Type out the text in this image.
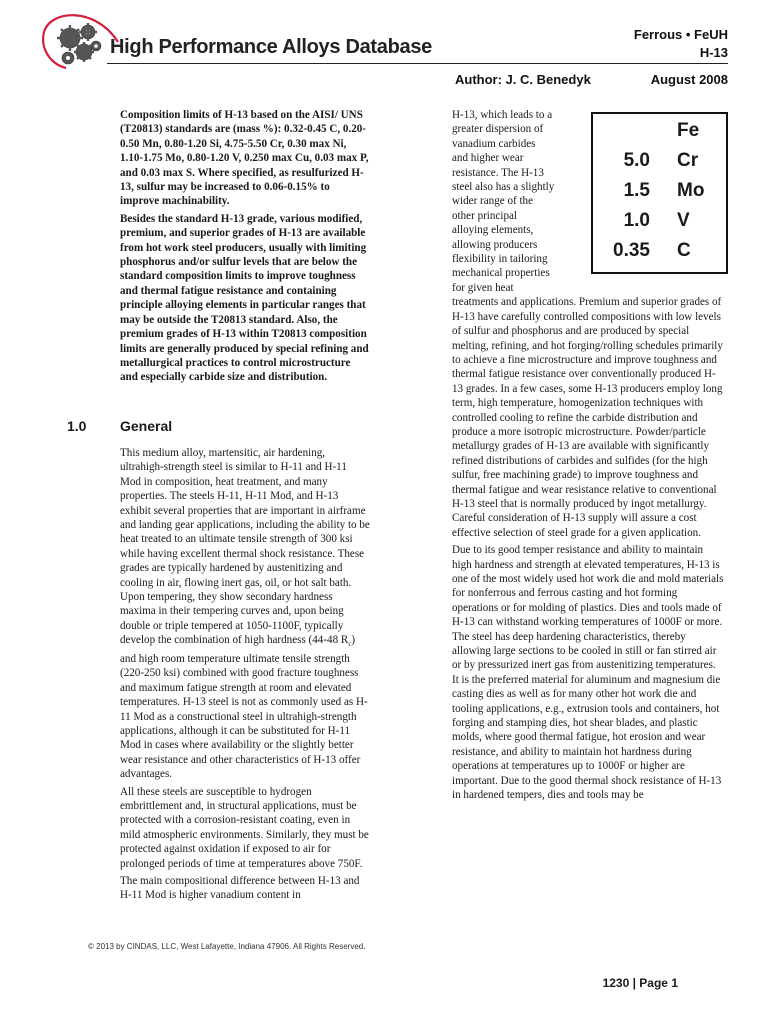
High Performance Alloys Database
Ferrous • FeUH
H-13
Author: J. C. Benedyk	August 2008

Composition limits of H-13 based on the AISI/ UNS (T20813) standards are (mass %): 0.32-0.45 C, 0.20-0.50 Mn, 0.80-1.20 Si, 4.75-5.50 Cr, 0.30 max Ni, 1.10-1.75 Mo, 0.80-1.20 V, 0.250 max Cu, 0.03 max P, and 0.03 max S. Where specified, as resulfurized H-13, sulfur may be increased to 0.06-0.15% to improve machinability.

Besides the standard H-13 grade, various modified, premium, and superior grades of H-13 are available from hot work steel producers, usually with limiting phosphorus and/or sulfur levels that are below the standard composition limits to improve toughness and thermal fatigue resistance and containing principle alloying elements in particular ranges that may be outside the T20813 standard. Also, the premium grades of H-13 within T20813 composition limits are generally produced by special refining and metallurgical practices to control microstructure and especially carbide size and distribution.

1.0 General

This medium alloy, martensitic, air hardening, ultrahigh-strength steel is similar to H-11 and H-11 Mod in composition, heat treatment, and many properties. The steels H-11, H-11 Mod, and H-13 exhibit several properties that are important in airframe and landing gear applications, including the ability to be heat treated to an ultimate tensile strength of 300 ksi while having excellent thermal shock resistance. These grades are typically hardened by austenitizing and cooling in air, flowing inert gas, oil, or hot salt bath. Upon tempering, they show secondary hardness maxima in their tempering curves and, upon being double or triple tempered at 1050-1100F, typically develop the combination of high hardness (44-48 $R_c$) and high room temperature ultimate tensile strength (220-250 ksi) combined with good fracture toughness and maximum fatigue strength at room and elevated temperatures. H-13 steel is not as commonly used as H-11 Mod as a constructional steel in ultrahigh-strength applications, although it can be substituted for H-11 Mod in cases where availability or the slightly better wear resistance and other characteristics of H-13 offer advantages.

All these steels are susceptible to hydrogen embrittlement and, in structural applications, must be protected with a corrosion-resistant coating, even in mild atmospheric environments. Similarly, they must be protected against oxidation if exposed to air for prolonged periods of time at temperatures above 750F.

The main compositional difference between H-13 and H-11 Mod is higher vanadium content in

H-13, which leads to a
greater dispersion of
vanadium carbides
and higher wear
resistance. The H-13
steel also has a slightly
wider range of the
other principal
alloying elements,
allowing producers
flexibility in tailoring
mechanical properties
for given heat

treatments and applications. Premium and superior grades of H-13 have carefully controlled compositions with low levels of sulfur and phosphorus and are produced by special melting, refining, and hot forging/rolling schedules primarily to achieve a fine microstructure and improve toughness and thermal fatigue resistance over conventionally produced H-13 grades. In a few cases, some H-13 producers employ long term, high temperature, homogenization techniques with controlled cooling to refine the carbide distribution and produce a more isotropic microstructure. Powder/particle metallurgy grades of H-13 are available with significantly refined distributions of carbides and sulfides (for the high sulfur, free machining grade) to improve toughness and thermal fatigue and wear resistance relative to conventional H-13 steel that is normally produced by ingot metallurgy. Careful consideration of H-13 supply will assure a cost effective selection of steel grade for a given application.

Due to its good temper resistance and ability to maintain high hardness and strength at elevated temperatures, H-13 is one of the most widely used hot work die and mold materials for nonferrous and ferrous casting and hot forming operations or for molding of plastics. Dies and tools made of H-13 can withstand working temperatures of 1000F or more. The steel has deep hardening characteristics, thereby allowing large sections to be cooled in still or fan stirred air or by pressurized inert gas from austenitizing temperatures. It is the preferred material for aluminum and magnesium die casting dies as well as for many other hot work die and tooling applications, e.g., extrusion tools and containers, hot forging and stamping dies, hot shear blades, and plastic molds, where good thermal fatigue, hot erosion and wear resistance, and ability to maintain hot hardness during operations at temperatures up to 1000F or higher are important. Due to the good thermal shock resistance of H-13 in hardened tempers, dies and tools may be

Fe
5.0 Cr
1.5 Mo
1.0 V
0.35 C
© 2013 by CINDAS, LLC, West Lafayette, Indiana 47906. All Rights Reserved.
1230 | Page 1
